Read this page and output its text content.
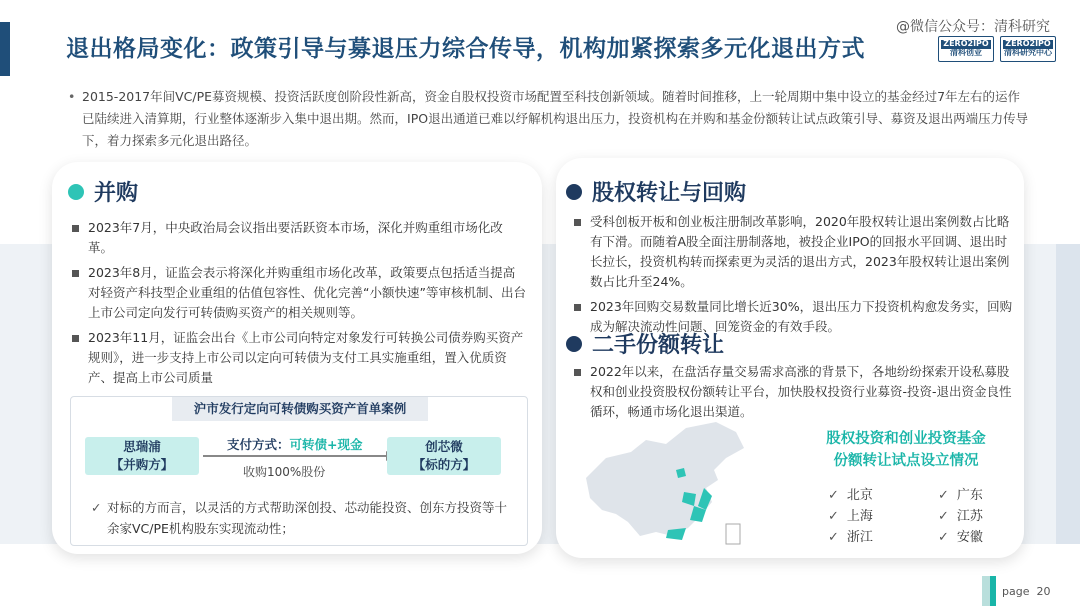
退出格局变化：政策引导与募退压力综合传导，机构加紧探索多元化退出方式
@微信公众号：清科研究
ZERO2IPO
清科创业
ZERO2IPO
清科研究中心
• 2015-2017年间VC/PE募资规模、投资活跃度创阶段性新高，资金自股权投资市场配置至科技创新领域。随着时间推移，上一轮周期中集中设立的基金经过7年左右的运作已陆续进入清算期，行业整体逐渐步入集中退出期。然而，IPO退出通道已难以纾解机构退出压力，投资机构在并购和基金份额转让试点政策引导、募资及退出两端压力传导下，着力探索多元化退出路径。
并购
2023年7月，中央政治局会议指出要活跃资本市场，深化并购重组市场化改革。
2023年8月，证监会表示将深化并购重组市场化改革，政策要点包括适当提高对轻资产科技型企业重组的估值包容性、优化完善“小额快速”等审核机制、出台上市公司定向发行可转债购买资产的相关规则等。
2023年11月，证监会出台《上市公司向特定对象发行可转换公司债券购买资产规则》，进一步支持上市公司以定向可转债为支付工具实施重组，置入优质资产、提高上市公司质量
沪市发行定向可转债购买资产首单案例
思瑞浦
【并购方】
支付方式：可转债+现金
收购100%股份
创芯微
【标的方】
✓ 对标的方而言，以灵活的方式帮助深创投、芯动能投资、创东方投资等十余家VC/PE机构股东实现流动性；
股权转让与回购
受科创板开板和创业板注册制改革影响，2020年股权转让退出案例数占比略有下滑。而随着A股全面注册制落地，被投企业IPO的回报水平回调、退出时长拉长，投资机构转而探索更为灵活的退出方式，2023年股权转让退出案例数占比升至24%。
2023年回购交易数量同比增长近30%，退出压力下投资机构愈发务实，回购成为解决流动性问题、回笼资金的有效手段。
二手份额转让
2022年以来，在盘活存量交易需求高涨的背景下，各地纷纷探索开设私募股权和创业投资股权份额转让平台，加快股权投资行业募资-投资-退出资金良性循环，畅通市场化退出渠道。
股权投资和创业投资基金
份额转让试点设立情况
✓ 北京
✓ 上海
✓ 浙江
✓ 广东
✓ 江苏
✓ 安徽
page 20
